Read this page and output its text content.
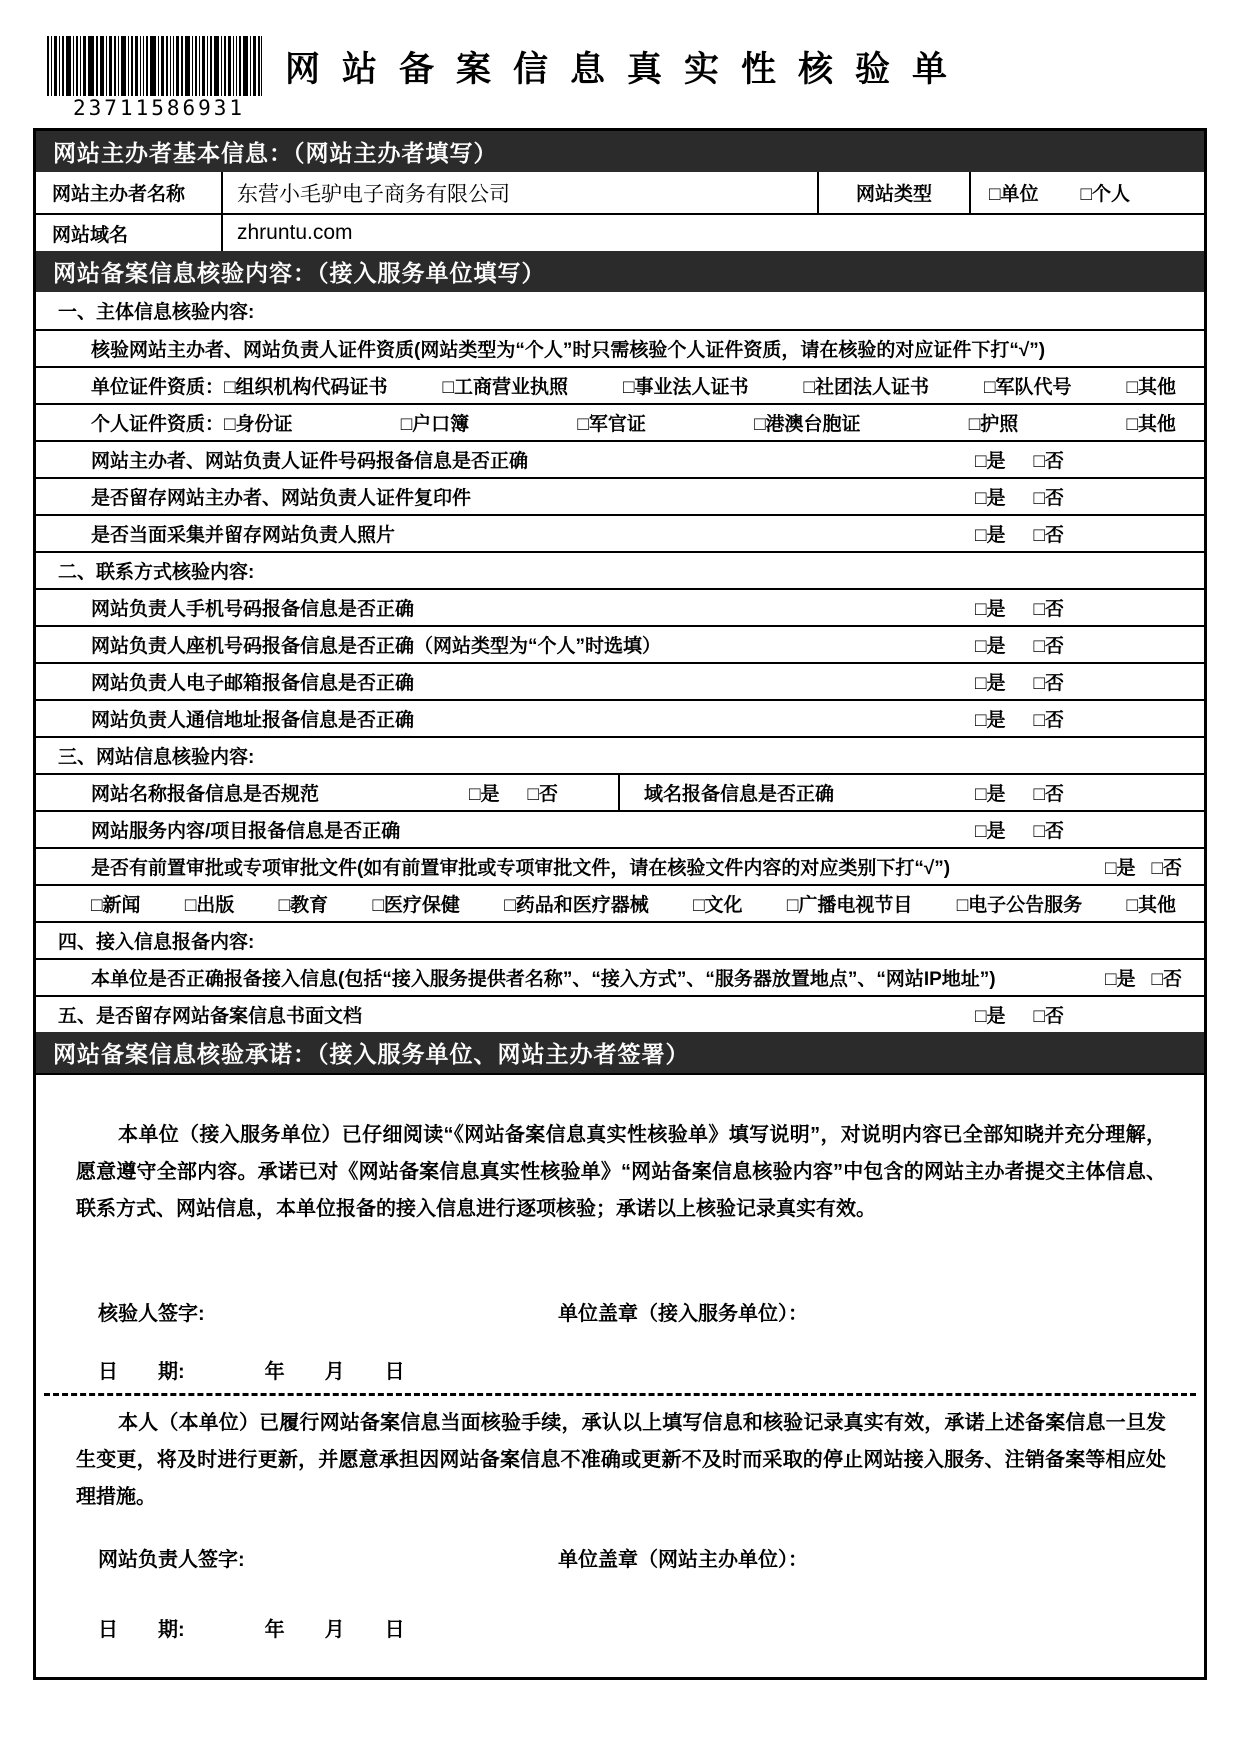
23711586931
网站备案信息真实性核验单
网站主办者基本信息：（网站主办者填写）
网站主办者名称	东营小毛驴电子商务有限公司	网站类型	□单位 □个人
网站域名	zhruntu.com
网站备案信息核验内容：（接入服务单位填写）
一、主体信息核验内容:
核验网站主办者、网站负责人证件资质(网站类型为“个人”时只需核验个人证件资质，请在核验的对应证件下打“√”)
单位证件资质： □组织机构代码证书	□工商营业执照	□事业法人证书	□社团法人证书	□军队代号	□其他
个人证件资质： □身份证	□户口簿	□军官证	□港澳台胞证	□护照	□其他
网站主办者、网站负责人证件号码报备信息是否正确	□是 □否
是否留存网站主办者、网站负责人证件复印件	□是 □否
是否当面采集并留存网站负责人照片	□是 □否
二、联系方式核验内容:
网站负责人手机号码报备信息是否正确	□是 □否
网站负责人座机号码报备信息是否正确（网站类型为“个人”时选填）	□是 □否
网站负责人电子邮箱报备信息是否正确	□是 □否
网站负责人通信地址报备信息是否正确	□是 □否
三、网站信息核验内容:
网站名称报备信息是否规范	□是 □否	域名报备信息是否正确	□是 □否
网站服务内容/项目报备信息是否正确	□是 □否
是否有前置审批或专项审批文件(如有前置审批或专项审批文件，请在核验文件内容的对应类别下打“√”)	□是 □否
□新闻 □出版 □教育 □医疗保健 □药品和医疗器械 □文化 □广播电视节目 □电子公告服务 □其他
四、接入信息报备内容:
本单位是否正确报备接入信息(包括“接入服务提供者名称”、“接入方式”、“服务器放置地点”、“网站IP地址”)	□是 □否
五、是否留存网站备案信息书面文档	□是 □否
网站备案信息核验承诺：（接入服务单位、网站主办者签署）

本单位（接入服务单位）已仔细阅读“《网站备案信息真实性核验单》填写说明”，对说明内容已全部知晓并充分理解，愿意遵守全部内容。承诺已对《网站备案信息真实性核验单》“网站备案信息核验内容”中包含的网站主办者提交主体信息、联系方式、网站信息，本单位报备的接入信息进行逐项核验；承诺以上核验记录真实有效。

核验人签字:	单位盖章（接入服务单位）：
日　　期:　　　　年　　月　　日

本人（本单位）已履行网站备案信息当面核验手续，承认以上填写信息和核验记录真实有效，承诺上述备案信息一旦发生变更，将及时进行更新，并愿意承担因网站备案信息不准确或更新不及时而采取的停止网站接入服务、注销备案等相应处理措施。

网站负责人签字:	单位盖章（网站主办单位）：
日　　期:　　　　年　　月　　日
